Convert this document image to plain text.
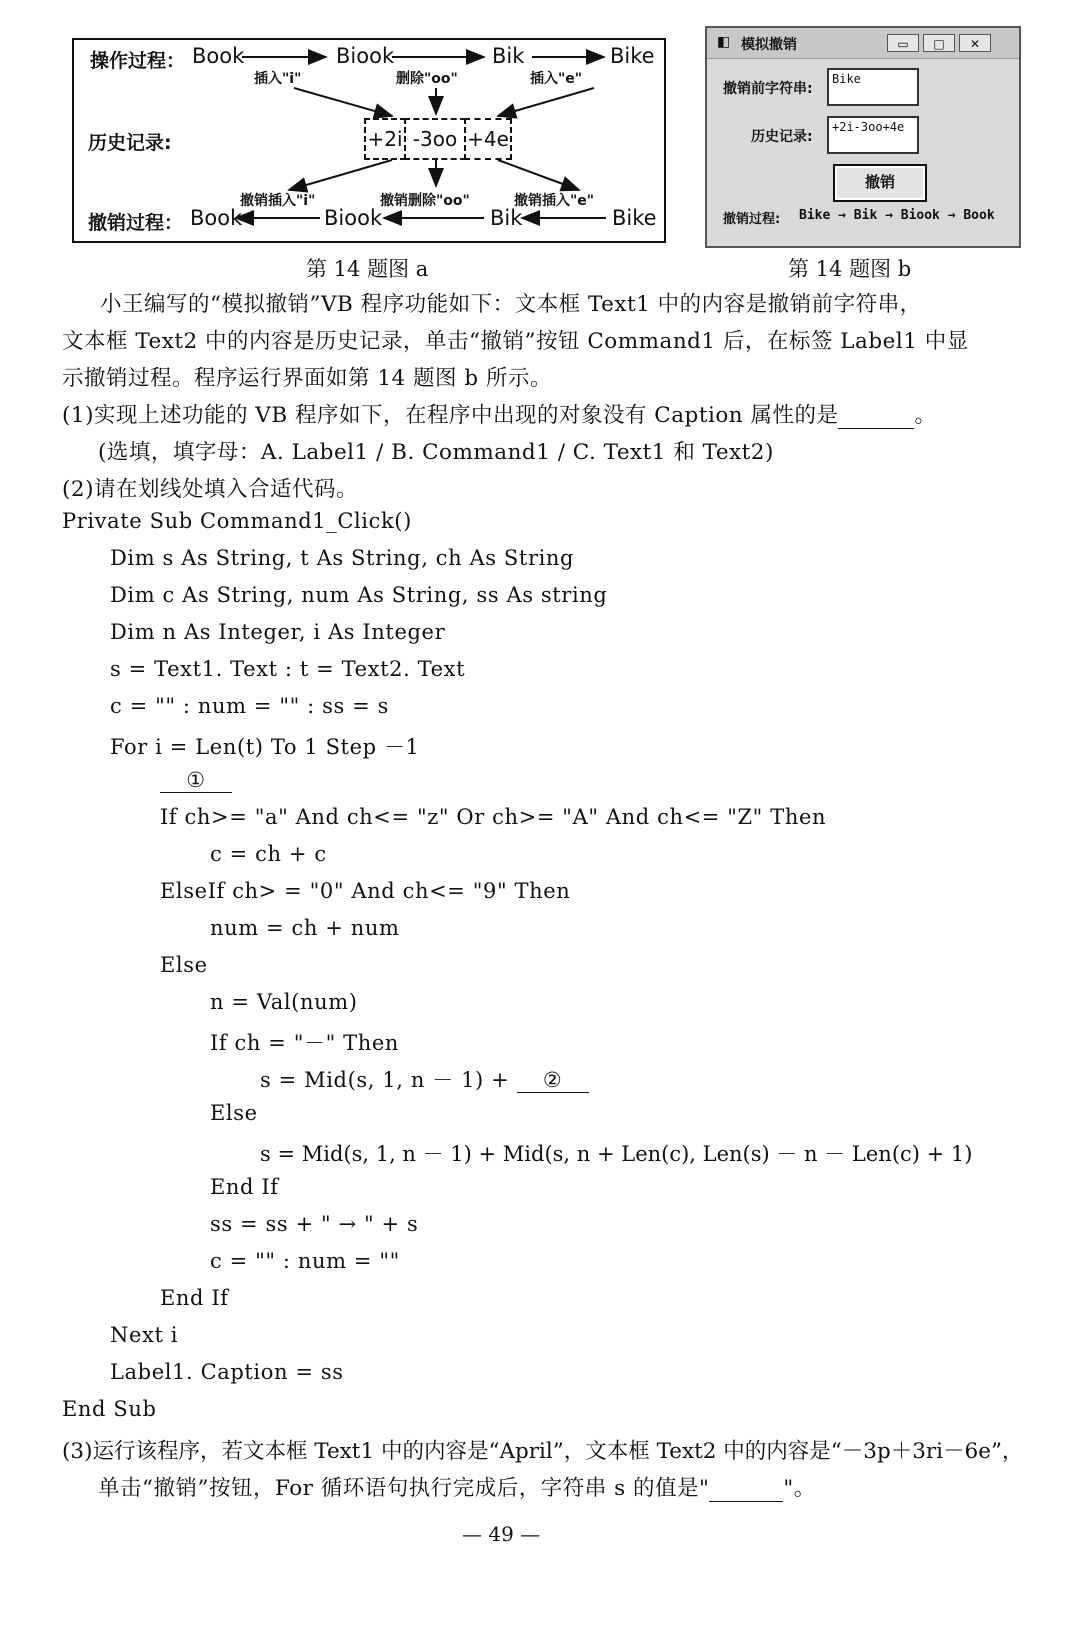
操作过程： Book	Biook	Bik	Bike
插入"i"	删除"oo"	插入"e"
历史记录:	+2i -3oo +4e
撤销插入"i"	撤销删除"oo"	撤销插入"e"
撤销过程： Book	Biook	Bik	Bike
第 14 题图 a
◧ 模拟撤销	▭	□	✕
撤销前字符串:
Bike
历史记录:
+2i-3oo+4e
撤销
撤销过程: Bike → Bik → Biook → Book
第 14 题图 b
小王编写的“模拟撤销”VB 程序功能如下：文本框 Text1 中的内容是撤销前字符串，
文本框 Text2 中的内容是历史记录，单击“撤销”按钮 Command1 后，在标签 Label1 中显
示撤销过程。程序运行界面如第 14 题图 b 所示。
(1)实现上述功能的 VB 程序如下，在程序中出现的对象没有 Caption 属性的是	。
(选填，填字母：A. Label1 / B. Command1 / C. Text1 和 Text2)
(2)请在划线处填入合适代码。
Private Sub Command1_Click()
Dim s As String, t As String, ch As String
Dim c As String, num As String, ss As string
Dim n As Integer, i As Integer
s = Text1. Text : t = Text2. Text
c = "" : num = "" : ss = s
For i = Len(t) To 1 Step －1
①
If ch>= "a" And ch<= "z" Or ch>= "A" And ch<= "Z" Then
c = ch + c
ElseIf ch> = "0" And ch<= "9" Then
num = ch + num
Else
n = Val(num)
If ch = "－" Then
s = Mid(s, 1, n － 1) + ②
Else
s = Mid(s, 1, n － 1) + Mid(s, n + Len(c), Len(s) － n － Len(c) + 1)
End If
ss = ss + " → " + s
c = "" : num = ""
End If
Next i
Label1. Caption = ss
End Sub
(3)运行该程序，若文本框 Text1 中的内容是“April”，文本框 Text2 中的内容是“－3p＋3ri－6e”，
单击“撤销”按钮，For 循环语句执行完成后，字符串 s 的值是"	"。
— 49 —
